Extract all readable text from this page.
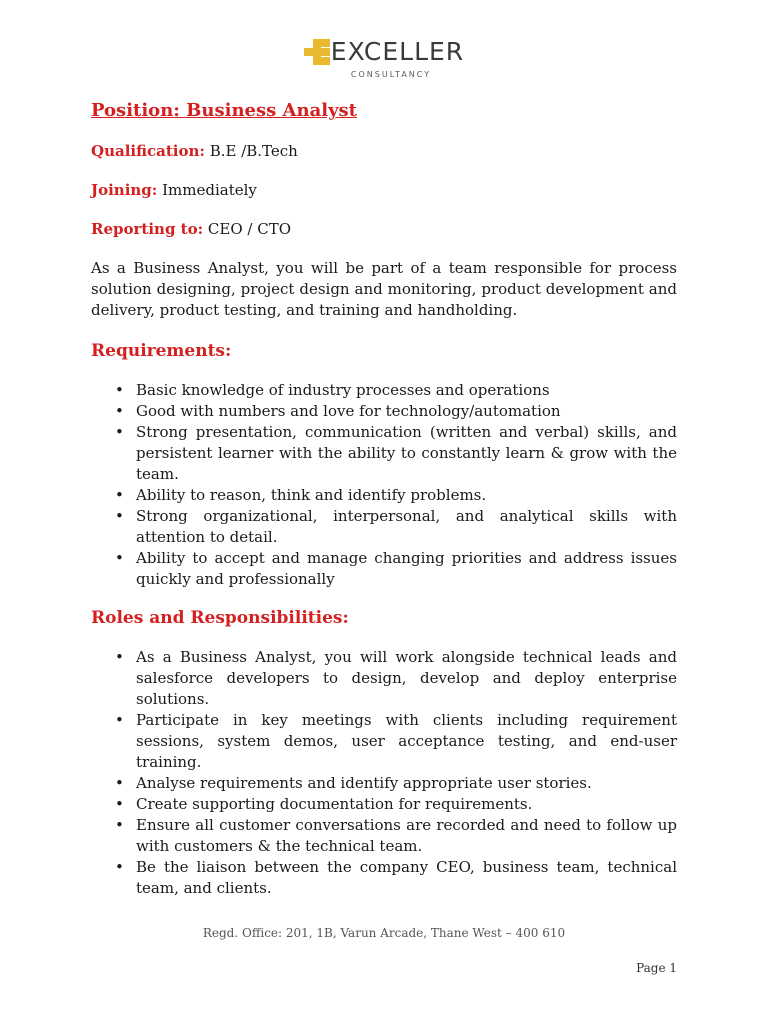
EXCELLER
CONSULTANCY
Position: Business Analyst
Qualification: B.E /B.Tech
Joining: Immediately
Reporting to: CEO / CTO

As a Business Analyst, you will be part of a team responsible for process solution designing, project design and monitoring, product development and delivery, product testing, and training and handholding.

Requirements:
• Basic knowledge of industry processes and operations
• Good with numbers and love for technology/automation
• Strong presentation, communication (written and verbal) skills, and persistent learner with the ability to constantly learn & grow with the team.
• Ability to reason, think and identify problems.
• Strong organizational, interpersonal, and analytical skills with attention to detail.
• Ability to accept and manage changing priorities and address issues quickly and professionally
Roles and Responsibilities:
• As a Business Analyst, you will work alongside technical leads and salesforce developers to design, develop and deploy enterprise solutions.
• Participate in key meetings with clients including requirement sessions, system demos, user acceptance testing, and end-user training.
• Analyse requirements and identify appropriate user stories.
• Create supporting documentation for requirements.
• Ensure all customer conversations are recorded and need to follow up with customers & the technical team.
• Be the liaison between the company CEO, business team, technical team, and clients.
Regd. Office: 201, 1B, Varun Arcade, Thane West – 400 610
Page 1
